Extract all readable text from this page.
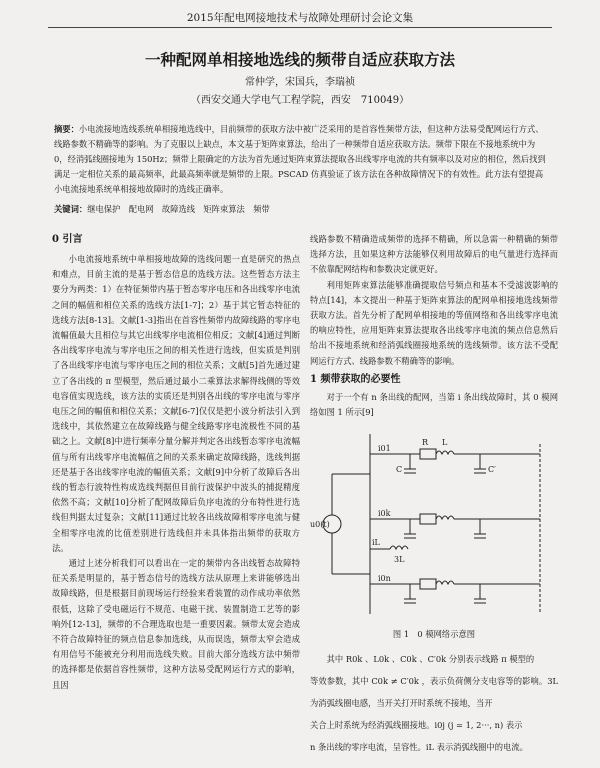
2015年配电网接地技术与故障处理研讨会论文集
一种配网单相接地选线的频带自适应获取方法
常仲学，宋国兵，李瑞祯
（西安交通大学电气工程学院，西安　710049）
摘要：小电流接地选线系统单相接地选线中，目前频带的获取方法中被广泛采用的是首容性频带方法，但这种方法易受配网运行方式、线路参数不精确等的影响。为了克服以上缺点，本文基于矩阵束算法，给出了一种频带自适应获取方法。频带下限在不接地系统中为 0，经消弧线圈接地为 150Hz；频带上限确定的方法为首先通过矩阵束算法提取各出线零序电流的共有频率以及对应的相位，然后找到满足一定相位关系的最高频率，此最高频率就是频带的上限。PSCAD 仿真验证了该方法在各种故障情况下的有效性。此方法有望提高小电流接地系统单相接地故障时的选线正确率。
关键词：继电保护　配电网　故障选线　矩阵束算法　频带
0 引言

小电流接地系统中单相接地故障的选线问题一直是研究的热点和难点，目前主流的是基于暂态信息的选线方法。这些暂态方法主要分为两类：1）在特征频带内基于暂态零序电压和各出线零序电流之间的幅值和相位关系的选线方法[1-7]；2）基于其它暂态特征的选线方法[8-13]。文献[1-3]指出在首容性频带内故障线路的零序电流幅值最大且相位与其它出线零序电流相位相反；文献[4]通过判断各出线零序电流与零序电压之间的相关性进行选线，但实质是判别了各出线零序电流与零序电压之间的相位关系；文献[5]首先通过建立了各出线的 π 型模型，然后通过最小二乘算法求解得线侧的等效电容值实现选线，该方法的实质还是判别各出线的零序电流与零序电压之间的幅值和相位关系；文献[6-7]仅仅是把小波分析法引入到选线中，其依然建立在故障线路与健全线路零序电流极性不同的基础之上。文献[8]中进行频率分量分解并判定各出线暂态零序电流幅值与所有出线零序电流幅值之间的关系来确定故障线路，选线判据还是基于各出线零序电流的幅值关系；文献[9]中分析了故障后各出线的暂态行波特性构成选线判据但目前行波保护中波头的捕捉精度依然不高；文献[10]分析了配网故障后负序电流的分布特性进行选线但判据太过复杂；文献[11]通过比较各出线故障相零序电流与健全相零序电流的比值差别进行选线但并未具体指出频带的获取方法。

通过上述分析我们可以看出在一定的频带内各出线暂态故障特征关系是明显的，基于暂态信号的选线方法从原理上来讲能够选出故障线路，但是根据目前现场运行经验来看装置的动作成功率依然很低，这除了受电磁运行不规范、电磁干扰、装置制造工艺等的影响外[12-13]，频带的不合理选取也是一重要因素。频带太宽会造成不符合故障特征的频点信息参加选线，从而误选，频带太窄会造成有用信号不能被充分利用而选线失败。目前大部分选线方法中频带的选择都是依据首容性频带，这种方法易受配网运行方式的影响，且因

线路参数不精确造成频带的选择不精确，所以急需一种精确的频带选择方法，且如果这种方法能够仅利用故障后的电气量进行选择而不依靠配网结构和参数决定就更好。

利用矩阵束算法能够准确提取信号频点和基本不受滤波影响的特点[14]，本文提出一种基于矩阵束算法的配网单相接地选线频带获取方法。首先分析了配网单相接地的等值网络和各出线零序电流的响应特性，应用矩阵束算法提取各出线零序电流的频点信息然后给出不接地系统和经消弧线圈接地系统的选线频带。该方法不受配网运行方式、线路参数不精确等的影响。

1 频带获取的必要性

对于一个有 n 条出线的配网，当第 i 条出线故障时，其 0 模网络如图 1 所示[9]

u0(t)
R L
C	C′
i01
i0k
i0n
3L
iL
图 1　0 模网络示意图

其中 R0k 、L0k 、C0k 、C′0k 分别表示线路 π 模型的

等效参数，其中 C0k ≠ C′0k ，表示负荷侧分支电容等的影响。3L 为消弧线圈电感，当开关打开时系统不接地，当开

关合上时系统为经消弧线圈接地。i0j (j = 1, 2···, n) 表示

n 条出线的零序电流，呈容性。iL 表示消弧线圈中的电流。
